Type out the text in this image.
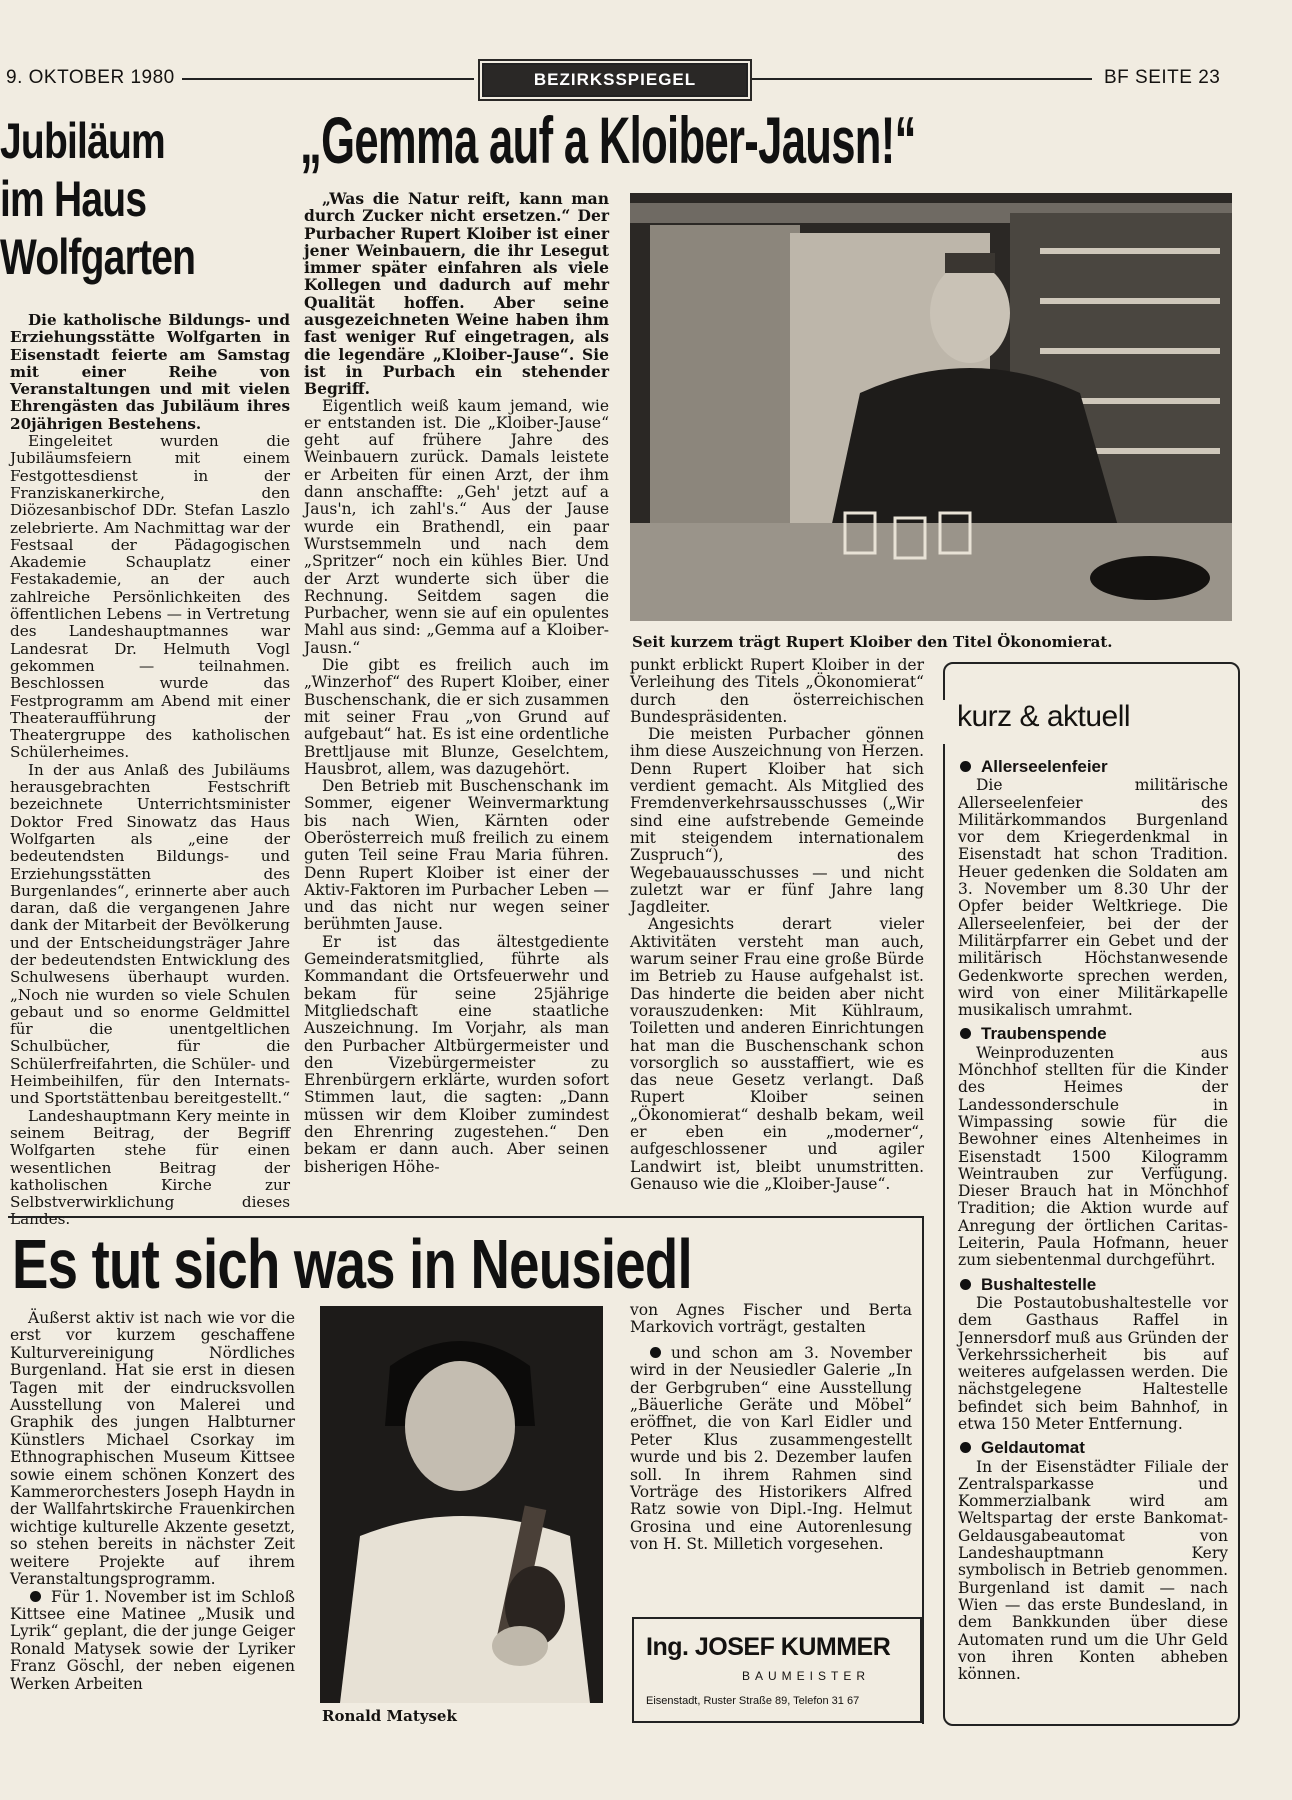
9. OKTOBER 1980	BEZIRKSSPIEGEL	BF SEITE 23
Jubiläum
im Haus
Wolfgarten

Die katholische Bildungs- und Erziehungsstätte Wolfgarten in Eisenstadt feierte am Samstag mit einer Reihe von Veranstaltungen und mit vielen Ehrengästen das Jubiläum ihres 20jährigen Bestehens.

Eingeleitet wurden die Jubiläumsfeiern mit einem Festgottesdienst in der Franziskanerkirche, den Diözesanbischof DDr. Stefan Laszlo zelebrierte. Am Nachmittag war der Festsaal der Pädagogischen Akademie Schauplatz einer Festakademie, an der auch zahlreiche Persönlichkeiten des öffentlichen Lebens — in Vertretung des Landeshauptmannes war Landesrat Dr. Helmuth Vogl gekommen — teilnahmen. Beschlossen wurde das Festprogramm am Abend mit einer Theateraufführung der Theatergruppe des katholischen Schülerheimes.

In der aus Anlaß des Jubiläums herausgebrachten Festschrift bezeichnete Unterrichtsminister Doktor Fred Sinowatz das Haus Wolfgarten als „eine der bedeutendsten Bildungs- und Erziehungsstätten des Burgenlandes“, erinnerte aber auch daran, daß die vergangenen Jahre dank der Mitarbeit der Bevölkerung und der Entscheidungsträger Jahre der bedeutendsten Entwicklung des Schulwesens überhaupt wurden. „Noch nie wurden so viele Schulen gebaut und so enorme Geldmittel für die unentgeltlichen Schulbücher, für die Schülerfreifahrten, die Schüler- und Heimbeihilfen, für den Internats- und Sportstättenbau bereitgestellt.“

Landeshauptmann Kery meinte in seinem Beitrag, der Begriff Wolfgarten stehe für einen wesentlichen Beitrag der katholischen Kirche zur Selbstverwirklichung dieses Landes.

„Gemma auf a Kloiber-Jausn!“

„Was die Natur reift, kann man durch Zucker nicht ersetzen.“ Der Purbacher Rupert Kloiber ist einer jener Weinbauern, die ihr Lesegut immer später einfahren als viele Kollegen und dadurch auf mehr Qualität hoffen. Aber seine ausgezeichneten Weine haben ihm fast weniger Ruf eingetragen, als die legendäre „Kloiber-Jause“. Sie ist in Purbach ein stehender Begriff.

Eigentlich weiß kaum jemand, wie er entstanden ist. Die „Kloiber-Jause“ geht auf frühere Jahre des Weinbauern zurück. Damals leistete er Arbeiten für einen Arzt, der ihm dann anschaffte: „Geh' jetzt auf a Jaus'n, ich zahl's.“ Aus der Jause wurde ein Brathendl, ein paar Wurstsemmeln und nach dem „Spritzer“ noch ein kühles Bier. Und der Arzt wunderte sich über die Rechnung. Seitdem sagen die Purbacher, wenn sie auf ein opulentes Mahl aus sind: „Gemma auf a Kloiber-Jausn.“

Die gibt es freilich auch im „Winzerhof“ des Rupert Kloiber, einer Buschenschank, die er sich zusammen mit seiner Frau „von Grund auf aufgebaut“ hat. Es ist eine ordentliche Brettljause mit Blunze, Geselchtem, Hausbrot, allem, was dazugehört.

Den Betrieb mit Buschenschank im Sommer, eigener Weinvermarktung bis nach Wien, Kärnten oder Oberösterreich muß freilich zu einem guten Teil seine Frau Maria führen. Denn Rupert Kloiber ist einer der Aktiv-Faktoren im Purbacher Leben — und das nicht nur wegen seiner berühmten Jause.

Er ist das ältestgediente Gemeinderatsmitglied, führte als Kommandant die Ortsfeuerwehr und bekam für seine 25jährige Mitgliedschaft eine staatliche Auszeichnung. Im Vorjahr, als man den Purbacher Altbürgermeister und den Vizebürgermeister zu Ehrenbürgern erklärte, wurden sofort Stimmen laut, die sagten: „Dann müssen wir dem Kloiber zumindest den Ehrenring zugestehen.“ Den bekam er dann auch. Aber seinen bisherigen Höhe-

Seit kurzem trägt Rupert Kloiber den Titel Ökonomierat.

punkt erblickt Rupert Kloiber in der Verleihung des Titels „Ökonomierat“ durch den österreichischen Bundespräsidenten.

Die meisten Purbacher gönnen ihm diese Auszeichnung von Herzen. Denn Rupert Kloiber hat sich verdient gemacht. Als Mitglied des Fremdenverkehrsausschusses („Wir sind eine aufstrebende Gemeinde mit steigendem internationalem Zuspruch“), des Wegebauausschusses — und nicht zuletzt war er fünf Jahre lang Jagdleiter.

Angesichts derart vieler Aktivitäten versteht man auch, warum seiner Frau eine große Bürde im Betrieb zu Hause aufgehalst ist. Das hinderte die beiden aber nicht vorauszudenken: Mit Kühlraum, Toiletten und anderen Einrichtungen hat man die Buschenschank schon vorsorglich so ausstaffiert, wie es das neue Gesetz verlangt. Daß Rupert Kloiber seinen „Ökonomierat“ deshalb bekam, weil er eben ein „moderner“, aufgeschlossener und agiler Landwirt ist, bleibt unumstritten. Genauso wie die „Kloiber-Jause“.

kurz & aktuell
Allerseelenfeier

Die militärische Allerseelenfeier des Militärkommandos Burgenland vor dem Kriegerdenkmal in Eisenstadt hat schon Tradition. Heuer gedenken die Soldaten am 3. November um 8.30 Uhr der Opfer beider Weltkriege. Die Allerseelenfeier, bei der der Militärpfarrer ein Gebet und der militärisch Höchstanwesende Gedenkworte sprechen werden, wird von einer Militärkapelle musikalisch umrahmt.

Traubenspende

Weinproduzenten aus Mönchhof stellten für die Kinder des Heimes der Landessonderschule in Wimpassing sowie für die Bewohner eines Altenheimes in Eisenstadt 1500 Kilogramm Weintrauben zur Verfügung. Dieser Brauch hat in Mönchhof Tradition; die Aktion wurde auf Anregung der örtlichen Caritas-Leiterin, Paula Hofmann, heuer zum siebentenmal durchgeführt.

Bushaltestelle

Die Postautobushaltestelle vor dem Gasthaus Raffel in Jennersdorf muß aus Gründen der Verkehrssicherheit bis auf weiteres aufgelassen werden. Die nächstgelegene Haltestelle befindet sich beim Bahnhof, in etwa 150 Meter Entfernung.

Geldautomat

In der Eisenstädter Filiale der Zentralsparkasse und Kommerzialbank wird am Weltspartag der erste Bankomat-Geldausgabeautomat von Landeshauptmann Kery symbolisch in Betrieb genommen. Burgenland ist damit — nach Wien — das erste Bundesland, in dem Bankkunden über diese Automaten rund um die Uhr Geld von ihren Konten abheben können.

Es tut sich was in Neusiedl

Äußerst aktiv ist nach wie vor die erst vor kurzem geschaffene Kulturvereinigung Nördliches Burgenland. Hat sie erst in diesen Tagen mit der eindrucksvollen Ausstellung von Malerei und Graphik des jungen Halbturner Künstlers Michael Csorkay im Ethnographischen Museum Kittsee sowie einem schönen Konzert des Kammerorchesters Joseph Haydn in der Wallfahrtskirche Frauenkirchen wichtige kulturelle Akzente gesetzt, so stehen bereits in nächster Zeit weitere Projekte auf ihrem Veranstaltungsprogramm.

Für 1. November ist im Schloß Kittsee eine Matinee „Musik und Lyrik“ geplant, die der junge Geiger Ronald Matysek sowie der Lyriker Franz Göschl, der neben eigenen Werken Arbeiten

Ronald Matysek

von Agnes Fischer und Berta Markovich vorträgt, gestalten

und schon am 3. November wird in der Neusiedler Galerie „In der Gerbgruben“ eine Ausstellung „Bäuerliche Geräte und Möbel“ eröffnet, die von Karl Eidler und Peter Klus zusammengestellt wurde und bis 2. Dezember laufen soll. In ihrem Rahmen sind Vorträge des Historikers Alfred Ratz sowie von Dipl.-Ing. Helmut Grosina und eine Autorenlesung von H. St. Milletich vorgesehen.

Ing. JOSEF KUMMER
BAUMEISTER
Eisenstadt, Ruster Straße 89, Telefon 31 67
